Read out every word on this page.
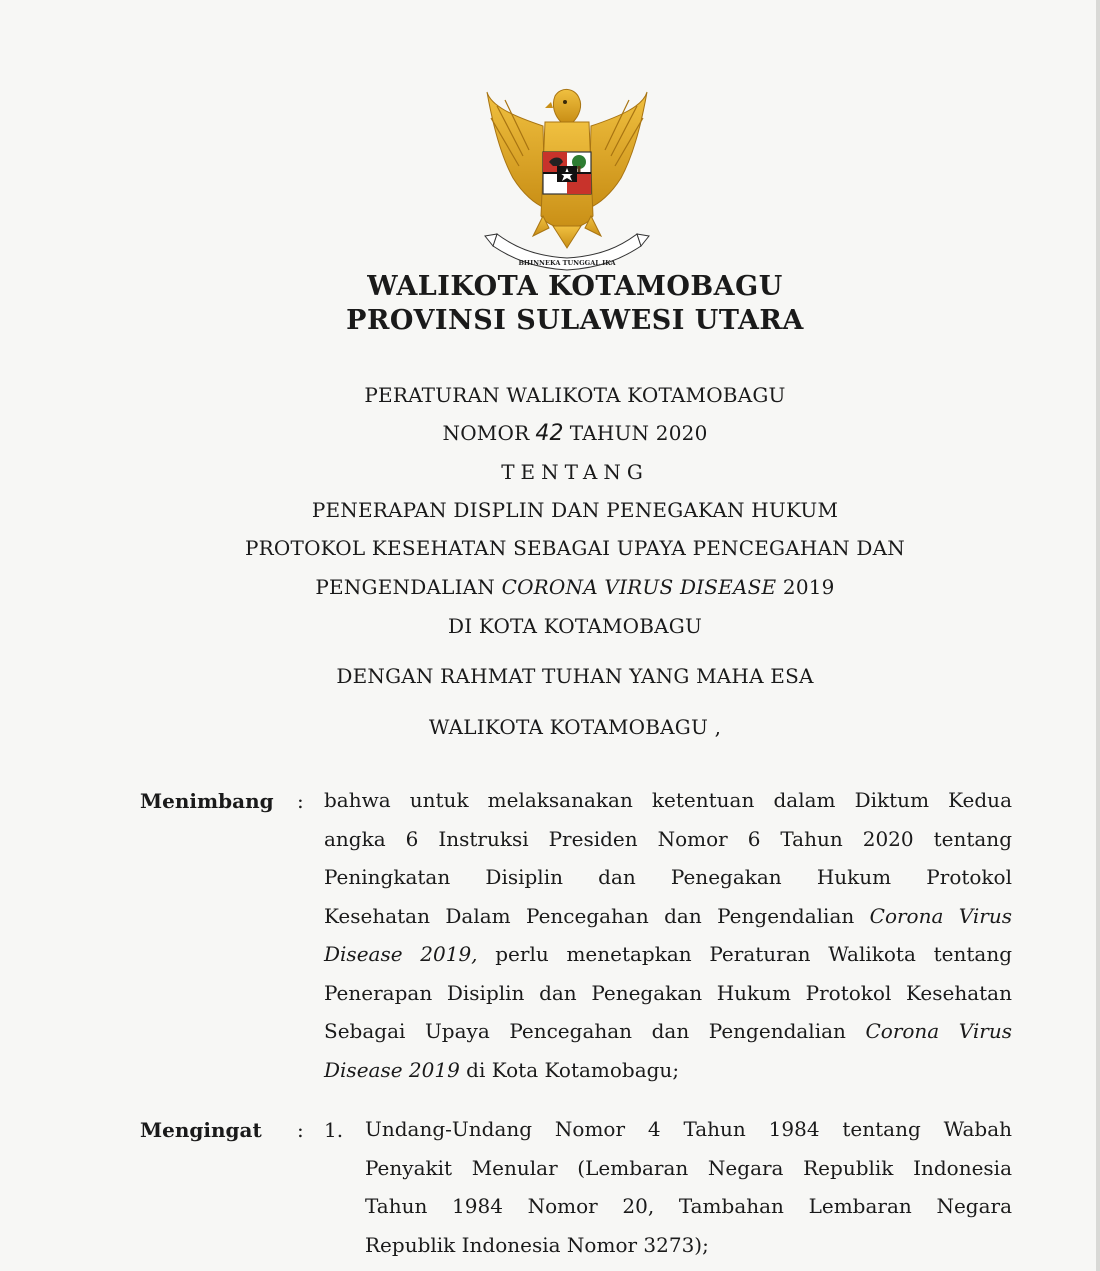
BHINNEKA TUNGGAL IKA
WALIKOTA KOTAMOBAGU
PROVINSI SULAWESI UTARA
PERATURAN WALIKOTA KOTAMOBAGU
NOMOR 42 TAHUN 2020
TENTANG
PENERAPAN DISPLIN DAN PENEGAKAN HUKUM
PROTOKOL KESEHATAN SEBAGAI UPAYA PENCEGAHAN DAN
PENGENDALIAN CORONA VIRUS DISEASE 2019
DI KOTA KOTAMOBAGU
DENGAN RAHMAT TUHAN YANG MAHA ESA
WALIKOTA KOTAMOBAGU ,
Menimbang : bahwa untuk melaksanakan ketentuan dalam Diktum Kedua
angka 6 Instruksi Presiden Nomor 6 Tahun 2020 tentang
Peningkatan Disiplin dan Penegakan Hukum Protokol
Kesehatan Dalam Pencegahan dan Pengendalian Corona Virus
Disease 2019, perlu menetapkan Peraturan Walikota tentang
Penerapan Disiplin dan Penegakan Hukum Protokol Kesehatan
Sebagai Upaya Pencegahan dan Pengendalian Corona Virus
Disease 2019 di Kota Kotamobagu;
Mengingat : 1. Undang-Undang Nomor 4 Tahun 1984 tentang Wabah
Penyakit Menular (Lembaran Negara Republik Indonesia
Tahun 1984 Nomor 20, Tambahan Lembaran Negara
Republik Indonesia Nomor 3273);
